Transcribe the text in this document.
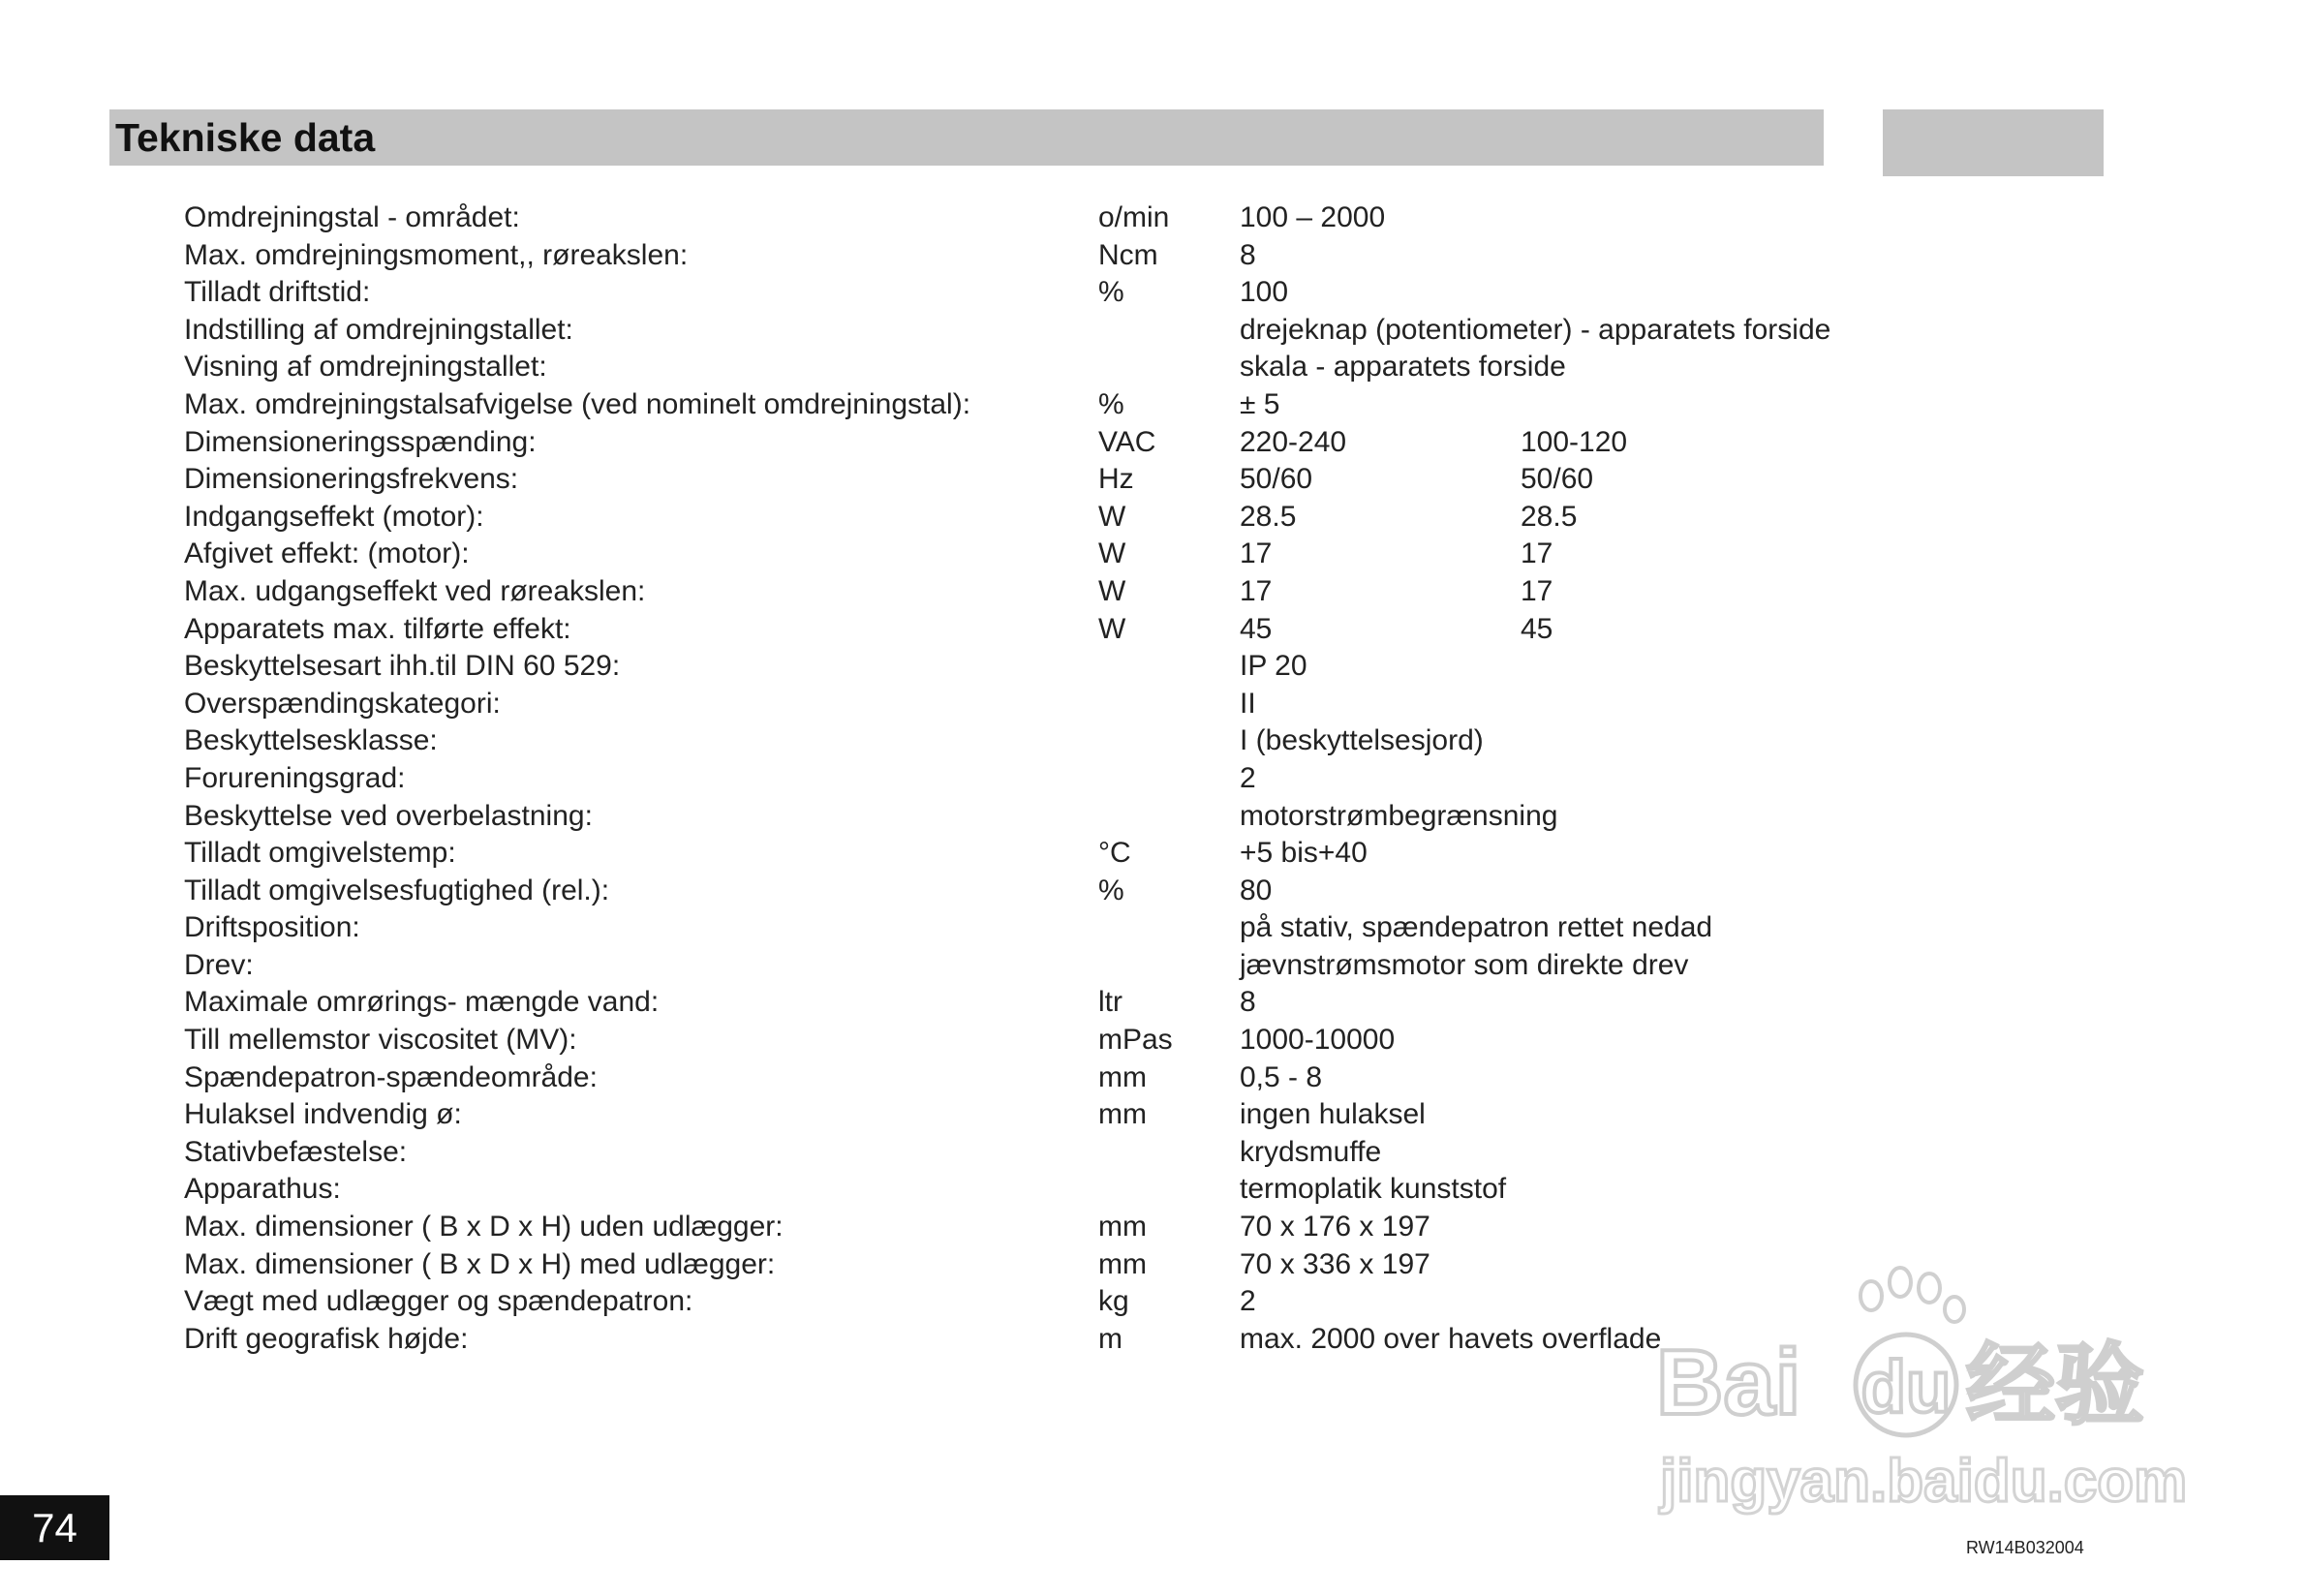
Tekniske data
Omdrejningstal - området:	o/min 100 – 2000
Max. omdrejningsmoment,, røreakslen:	Ncm	8
Tilladt driftstid:	%	100
Indstilling af omdrejningstallet:	drejeknap (potentiometer) - apparatets forside
Visning af omdrejningstallet:	skala - apparatets forside
Max. omdrejningstalsafvigelse (ved nominelt omdrejningstal):	%	± 5
Dimensioneringsspænding:	VAC	220-240	100-120
Dimensioneringsfrekvens:	Hz	50/60	50/60
Indgangseffekt (motor):	W	28.5	28.5
Afgivet effekt: (motor):	W	17	17
Max. udgangseffekt ved røreakslen:	W	17	17
Apparatets max. tilførte effekt:	W	45	45
Beskyttelsesart ihh.til DIN 60 529:	IP 20
Overspændingskategori:	II
Beskyttelsesklasse:	I (beskyttelsesjord)
Forureningsgrad:	2
Beskyttelse ved overbelastning:	motorstrømbegrænsning
Tilladt omgivelstemp:	°C	+5 bis+40
Tilladt omgivelsesfugtighed (rel.):	%	80
Driftsposition:	på stativ, spændepatron rettet nedad
Drev:	jævnstrømsmotor som direkte drev
Maximale omrørings- mængde vand:	ltr	8
Till mellemstor viscositet (MV):	mPas 1000-10000
Spændepatron-spændeområde:	mm	0,5 - 8
Hulaksel indvendig ø:	mm	ingen hulaksel
Stativbefæstelse:	krydsmuffe
Apparathus:	termoplatik kunststof
Max. dimensioner ( B x D x H) uden udlægger:	mm	70 x 176 x 197
Max. dimensioner ( B x D x H) med udlægger:	mm	70 x 336 x 197
Vægt med udlægger og spændepatron:	kg	2
Drift geografisk højde:	m	max. 2000 over havets overflade
74	RW14B032004
Bai du 经验
jingyan.baidu.com
